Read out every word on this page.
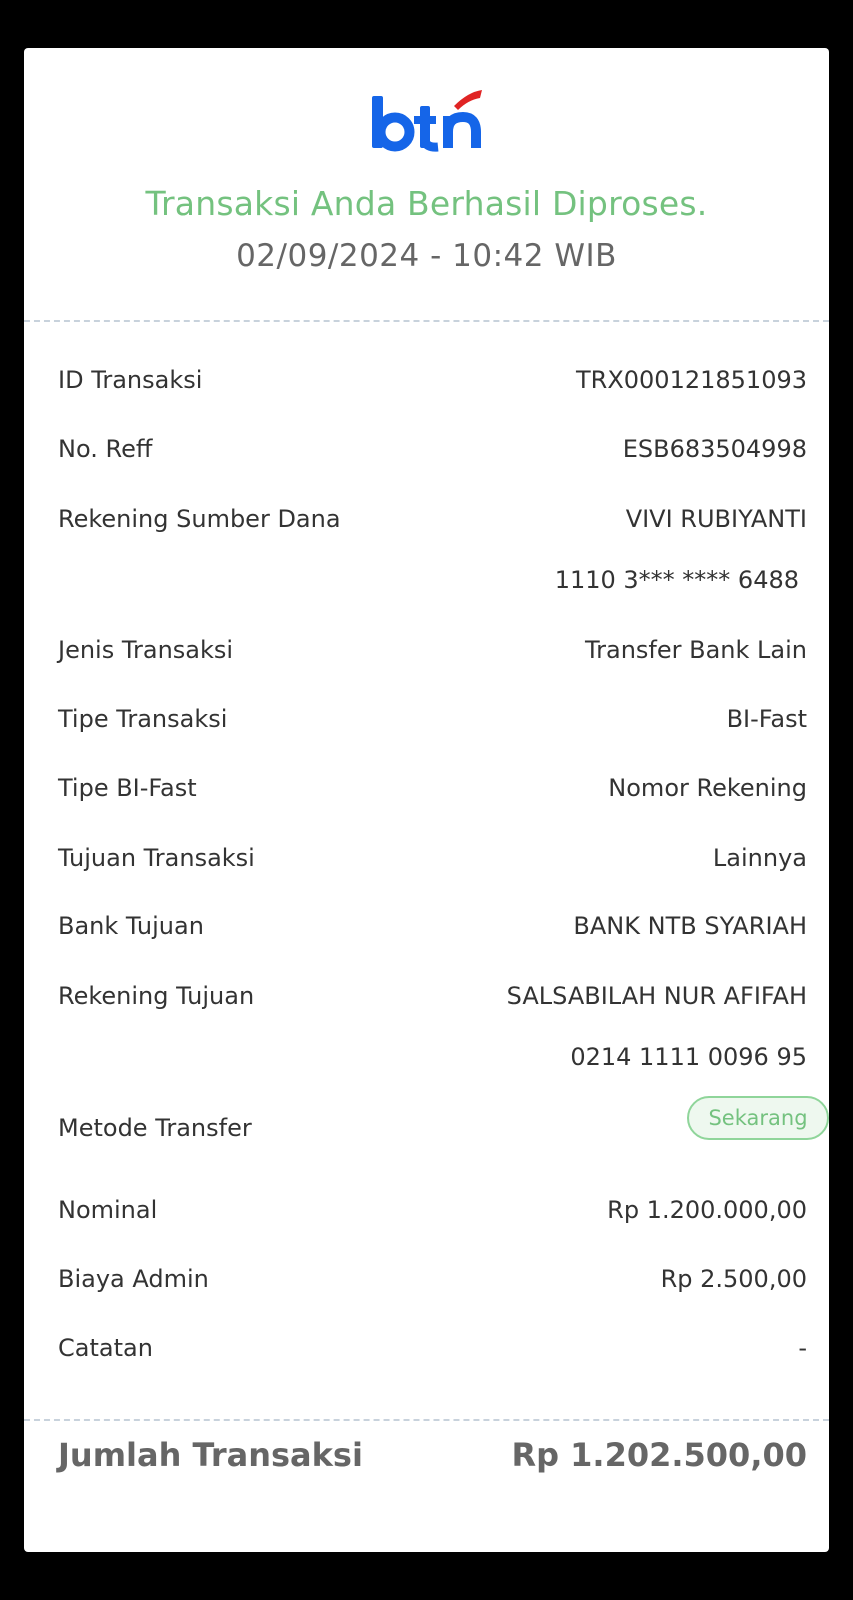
Transaksi Anda Berhasil Diproses.
02/09/2024 - 10:42 WIB
ID Transaksi	TRX000121851093
No. Reff	ESB683504998
Rekening Sumber Dana	VIVI RUBIYANTI
1110 3*** **** 6488
Jenis Transaksi	Transfer Bank Lain
Tipe Transaksi	BI-Fast
Tipe BI-Fast	Nomor Rekening
Tujuan Transaksi	Lainnya
Bank Tujuan	BANK NTB SYARIAH
Rekening Tujuan	SALSABILAH NUR AFIFAH
0214 1111 0096 95
Metode Transfer	Sekarang
Nominal	Rp 1.200.000,00
Biaya Admin	Rp 2.500,00
Catatan	-
Jumlah Transaksi	Rp 1.202.500,00
